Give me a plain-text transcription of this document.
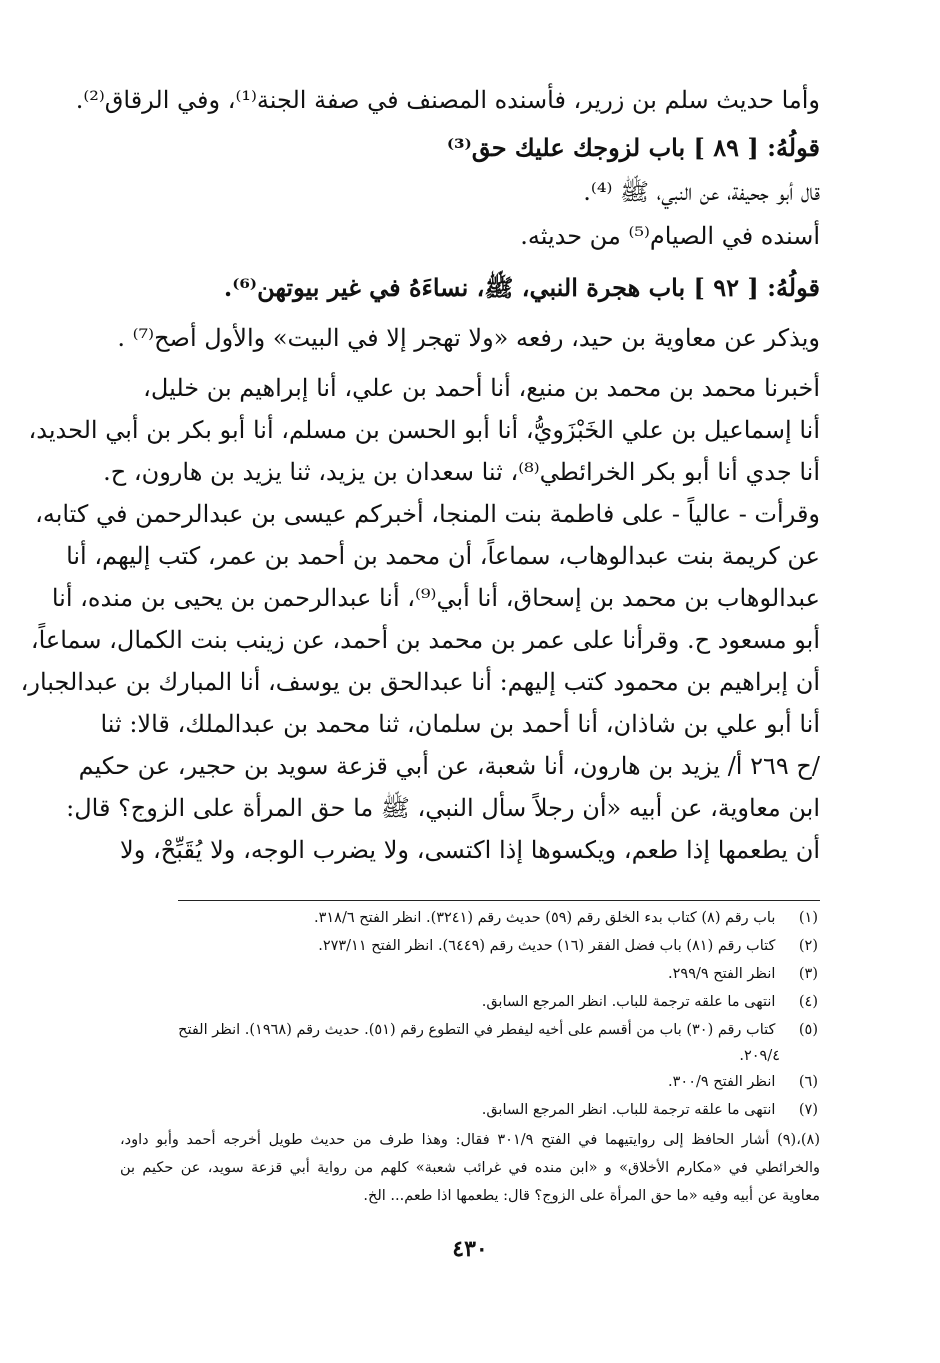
وأما حديث سلم بن زرير، فأسنده المصنف في صفة الجنة⁽¹⁾، وفي الرقاق⁽²⁾.
قولُهُ: [ ٨٩ ] باب لزوجك عليك حق⁽³⁾
قال أبو جحيفة، عن النبي، ﷺ ⁽⁴⁾.
أسنده في الصيام⁽⁵⁾ من حديثه.
قولُهُ: [ ٩٢ ] باب هجرة النبي، ﷺ، نساءَهُ في غير بيوتهن⁽⁶⁾.
ويذكر عن معاوية بن حيد، رفعه «ولا تهجر إلا في البيت» والأول أصح⁽⁷⁾ .
أخبرنا محمد بن محمد بن منيع، أنا أحمد بن علي، أنا إبراهيم بن خليل،
أنا إسماعيل بن علي الخَبْزَويُّ، أنا أبو الحسن بن مسلم، أنا أبو بكر بن أبي الحديد،
أنا جدي أنا أبو بكر الخرائطي⁽⁸⁾، ثنا سعدان بن يزيد، ثنا يزيد بن هارون، ح.
وقرأت - عالياً - على فاطمة بنت المنجا، أخبركم عيسى بن عبدالرحمن في كتابه،
عن كريمة بنت عبدالوهاب، سماعاً، أن محمد بن أحمد بن عمر، كتب إليهم، أنا
عبدالوهاب بن محمد بن إسحاق، أنا أبي⁽⁹⁾، أنا عبدالرحمن بن يحيى بن منده، أنا
أبو مسعود ح. وقرأنا على عمر بن محمد بن أحمد، عن زينب بنت الكمال، سماعاً،
أن إبراهيم بن محمود كتب إليهم: أنا عبدالحق بن يوسف، أنا المبارك بن عبدالجبار،
أنا أبو علي بن شاذان، أنا أحمد بن سلمان، ثنا محمد بن عبدالملك، قالا: ثنا
/ح ٢٦٩ أ/ يزيد بن هارون، أنا شعبة، عن أبي قزعة سويد بن حجير، عن حكيم
ابن معاوية، عن أبيه «أن رجلاً سأل النبي، ﷺ ما حق المرأة على الزوج؟ قال:
أن يطعمها إذا طعم، ويكسوها إذا اكتسى، ولا يضرب الوجه، ولا يُقَبِّحْ، ولا
(١) باب رقم (٨) كتاب بدء الخلق رقم (٥٩) حديث رقم (٣٢٤١). انظر الفتح ٣١٨/٦.
(٢) كتاب رقم (٨١) باب فضل الفقر (١٦) حديث رقم (٦٤٤٩). انظر الفتح ٢٧٣/١١.
(٣) انظر الفتح ٢٩٩/٩.
(٤) انتهى ما علقه ترجمة للباب. انظر المرجع السابق.
(٥) كتاب رقم (٣٠) باب من أقسم على أخيه ليفطر في التطوع رقم (٥١). حديث رقم (١٩٦٨). انظر الفتح
٢٠٩/٤.
(٦) انظر الفتح ٣٠٠/٩.
(٧) انتهى ما علقه ترجمة للباب. انظر المرجع السابق.
(٨)،(٩) أشار الحافظ إلى روايتيهما في الفتح ٣٠١/٩ فقال: وهذا طرف من حديث طويل أخرجه أحمد وأبو داود،
والخرائطي في «مكارم الأخلاق» و «ابن منده في غرائب شعبة» كلهم من رواية أبي قزعة سويد، عن حكيم بن
معاوية عن أبيه وفيه «ما حق المرأة على الزوج؟ قال: يطعمها اذا طعم... الخ.
٤٣٠
